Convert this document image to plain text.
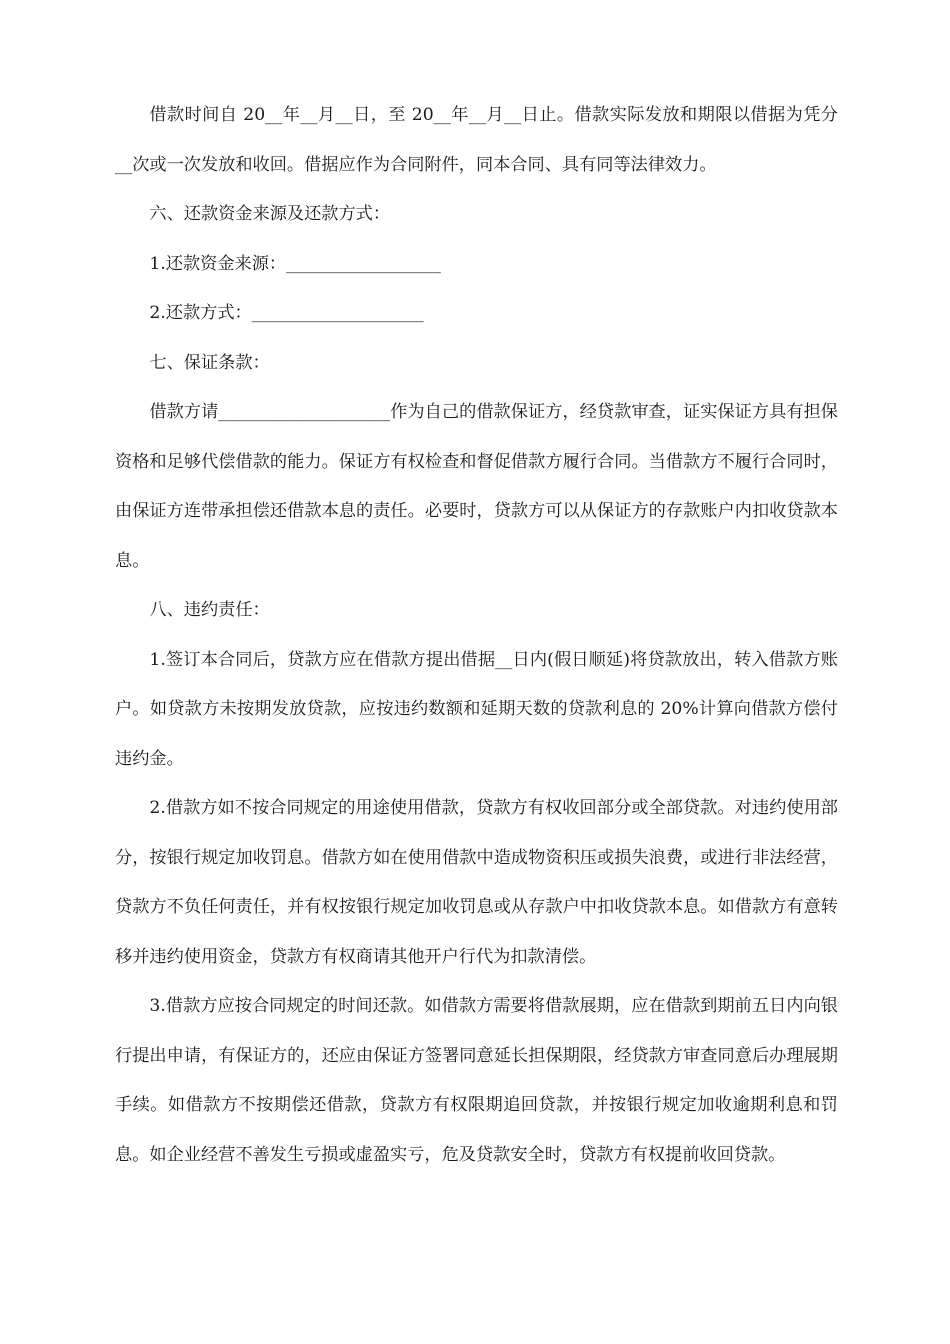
借款时间自 20__年__月__日，至 20__年__月__日止。借款实际发放和期限以借据为凭分__次或一次发放和收回。借据应作为合同附件，同本合同、具有同等法律效力。

六、还款资金来源及还款方式：

1.还款资金来源：__________________

2.还款方式：____________________

七、保证条款：

借款方请____________________作为自己的借款保证方，经贷款审查，证实保证方具有担保资格和足够代偿借款的能力。保证方有权检查和督促借款方履行合同。当借款方不履行合同时，由保证方连带承担偿还借款本息的责任。必要时，贷款方可以从保证方的存款账户内扣收贷款本息。

八、违约责任：

1.签订本合同后，贷款方应在借款方提出借据__日内(假日顺延)将贷款放出，转入借款方账户。如贷款方未按期发放贷款，应按违约数额和延期天数的贷款利息的 20%计算向借款方偿付违约金。

2.借款方如不按合同规定的用途使用借款，贷款方有权收回部分或全部贷款。对违约使用部分，按银行规定加收罚息。借款方如在使用借款中造成物资积压或损失浪费，或进行非法经营，贷款方不负任何责任，并有权按银行规定加收罚息或从存款户中扣收贷款本息。如借款方有意转移并违约使用资金，贷款方有权商请其他开户行代为扣款清偿。

3.借款方应按合同规定的时间还款。如借款方需要将借款展期，应在借款到期前五日内向银行提出申请，有保证方的，还应由保证方签署同意延长担保期限，经贷款方审查同意后办理展期手续。如借款方不按期偿还借款，贷款方有权限期追回贷款，并按银行规定加收逾期利息和罚息。如企业经营不善发生亏损或虚盈实亏，危及贷款安全时，贷款方有权提前收回贷款。
